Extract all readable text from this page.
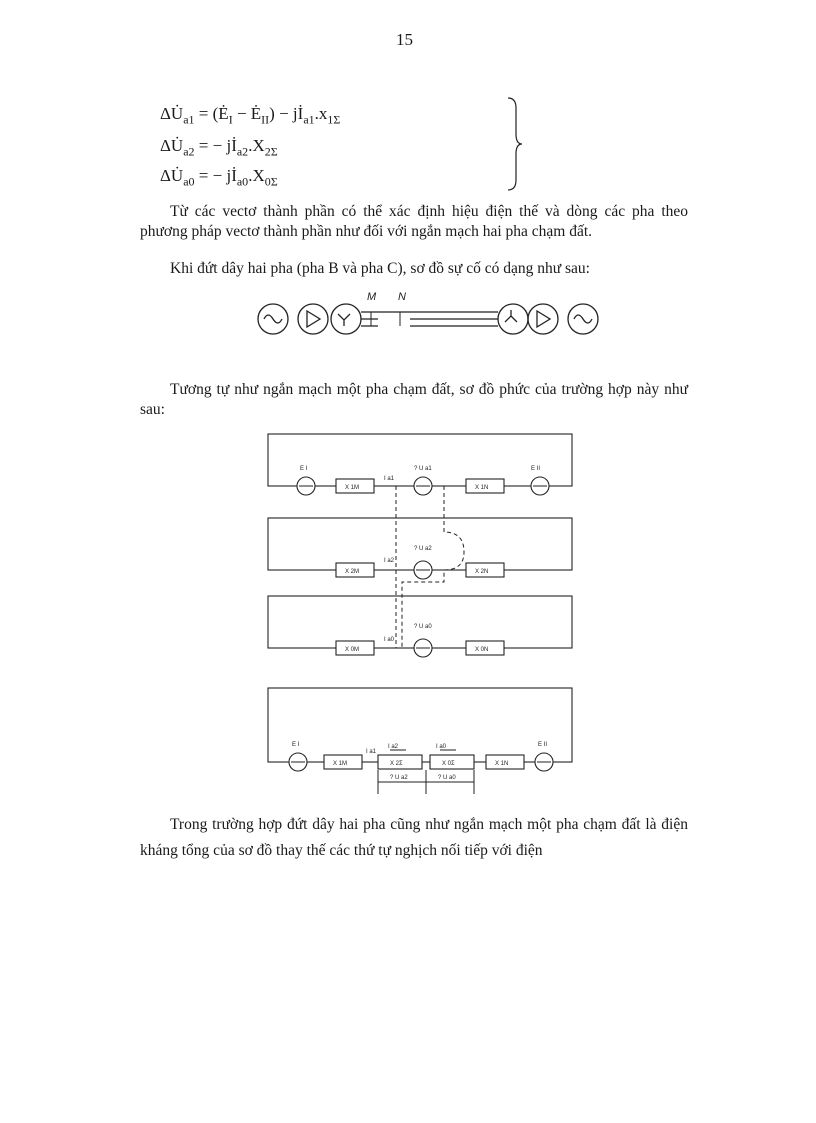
15
$\Delta U̇_{a1}$ = ($Ė_I$ − $Ė_{II}$) − $jİ_{a1}.x_{1\Sigma}$
$\Delta U̇_{a2}$ = − $jİ_{a2}.X_{2\Sigma}$
$\Delta U̇_{a0}$ = − $jİ_{a0}.X_{0\Sigma}$
Từ các vectơ thành phần có thể xác định hiệu điện thế và dòng các pha theo phương pháp vectơ thành phần như đối với ngắn mạch hai pha chạm đất.
Khi đứt dây hai pha (pha B và pha C), sơ đồ sự cố có dạng như sau:
M N
Tương tự như ngắn mạch một pha chạm đất, sơ đồ phức của trường hợp này như sau:
E I	E II
X 1M	X 1N
X 2M	X 2N
X 0M	X 0N
I a1
I a2
I a0
? U a1
? U a2
? U a0
E I	E II
X 1M	X 2Σ	X 0Σ	X 1N
I a1
I a2	I a0
? U a2	? U a0
Trong trường hợp đứt dây hai pha cũng như ngắn mạch một pha chạm đất là điện kháng tổng của sơ đồ thay thế các thứ tự nghịch nối tiếp với điện
